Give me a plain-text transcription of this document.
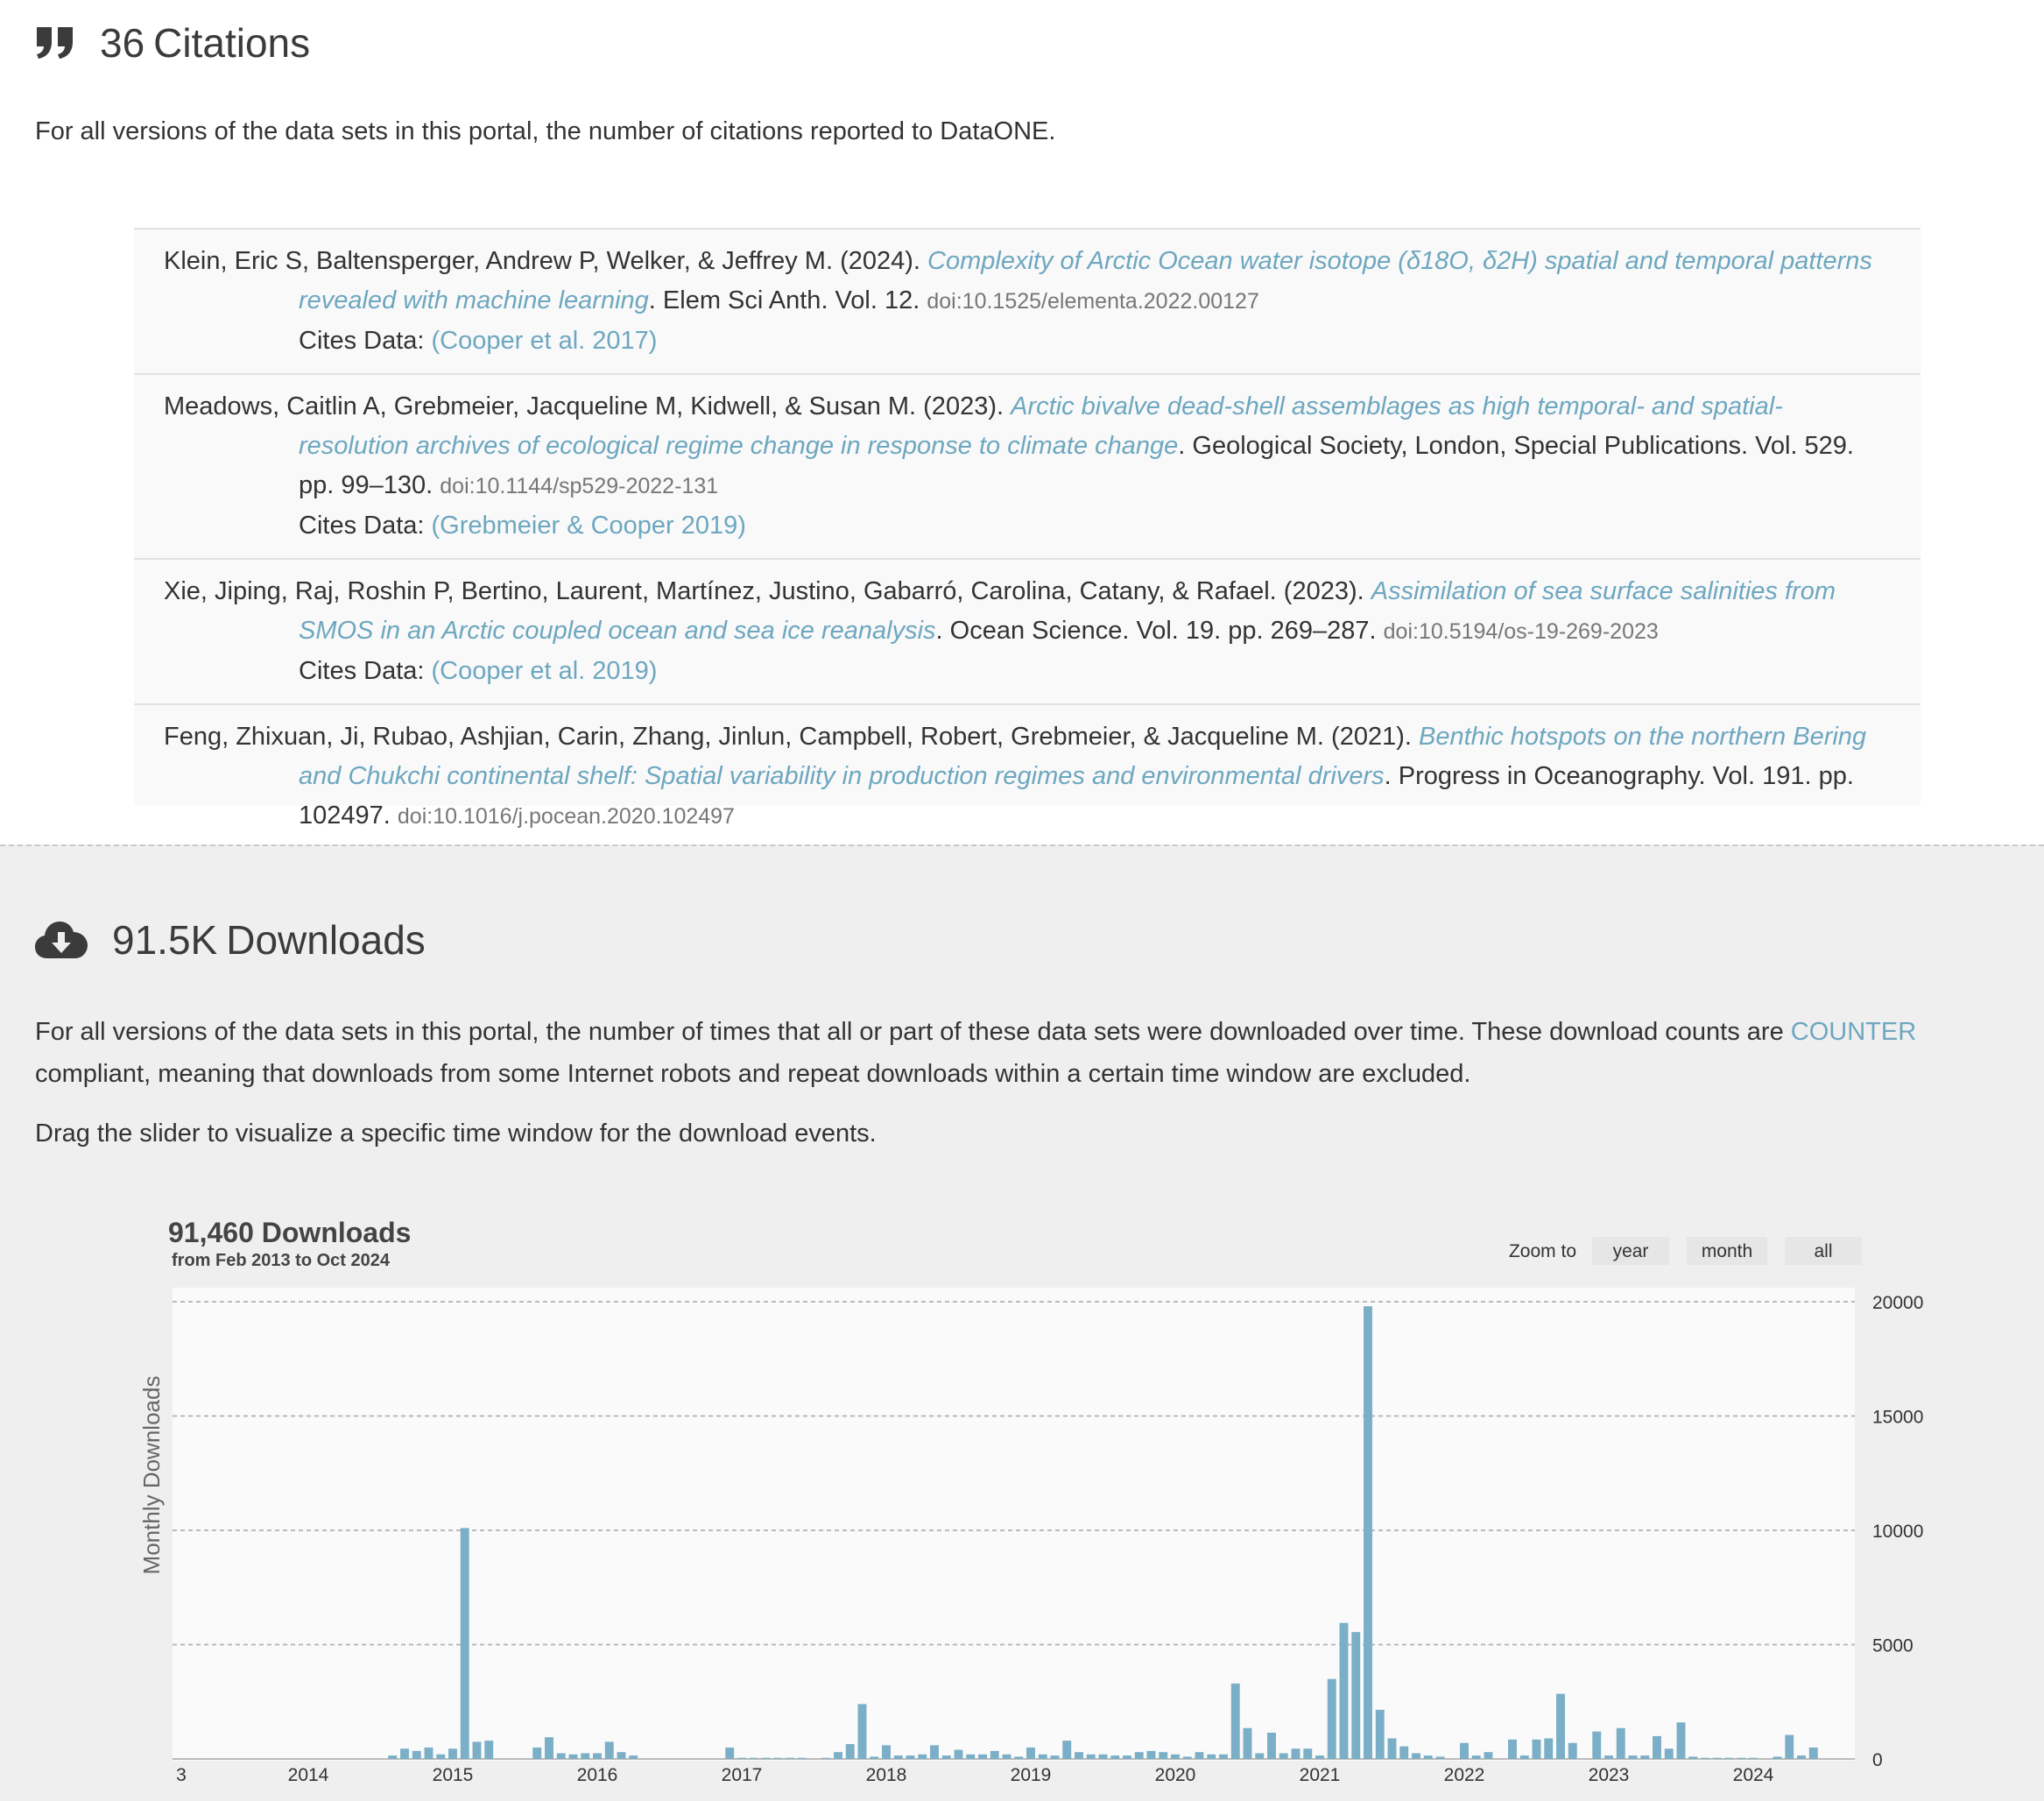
36 Citations
For all versions of the data sets in this portal, the number of citations reported to DataONE.
Klein, Eric S, Baltensperger, Andrew P, Welker, & Jeffrey M. (2024). Complexity of Arctic Ocean water isotope (δ18O, δ2H) spatial and temporal patterns revealed with machine learning. Elem Sci Anth. Vol. 12. doi:10.1525/elementa.2022.00127
Cites Data: (Cooper et al. 2017)
Meadows, Caitlin A, Grebmeier, Jacqueline M, Kidwell, & Susan M. (2023). Arctic bivalve dead-shell assemblages as high temporal- and spatial-resolution archives of ecological regime change in response to climate change. Geological Society, London, Special Publications. Vol. 529. pp. 99–130. doi:10.1144/sp529-2022-131
Cites Data: (Grebmeier & Cooper 2019)
Xie, Jiping, Raj, Roshin P, Bertino, Laurent, Martínez, Justino, Gabarró, Carolina, Catany, & Rafael. (2023). Assimilation of sea surface salinities from SMOS in an Arctic coupled ocean and sea ice reanalysis. Ocean Science. Vol. 19. pp. 269–287. doi:10.5194/os-19-269-2023
Cites Data: (Cooper et al. 2019)
Feng, Zhixuan, Ji, Rubao, Ashjian, Carin, Zhang, Jinlun, Campbell, Robert, Grebmeier, & Jacqueline M. (2021). Benthic hotspots on the northern Bering and Chukchi continental shelf: Spatial variability in production regimes and environmental drivers. Progress in Oceanography. Vol. 191. pp. 102497. doi:10.1016/j.pocean.2020.102497
91.5K Downloads
For all versions of the data sets in this portal, the number of times that all or part of these data sets were downloaded over time. These download counts are COUNTER compliant, meaning that downloads from some Internet robots and repeat downloads within a certain time window are excluded.
Drag the slider to visualize a specific time window for the download events.
0
5000
10000
15000
20000
3	2014	2015	2016	2017	2018	2019	2020	2021	2022	2023	2024
91,460 Downloads
from Feb 2013 to Oct 2024	Zoom to year	month	all
Monthly Downloads
